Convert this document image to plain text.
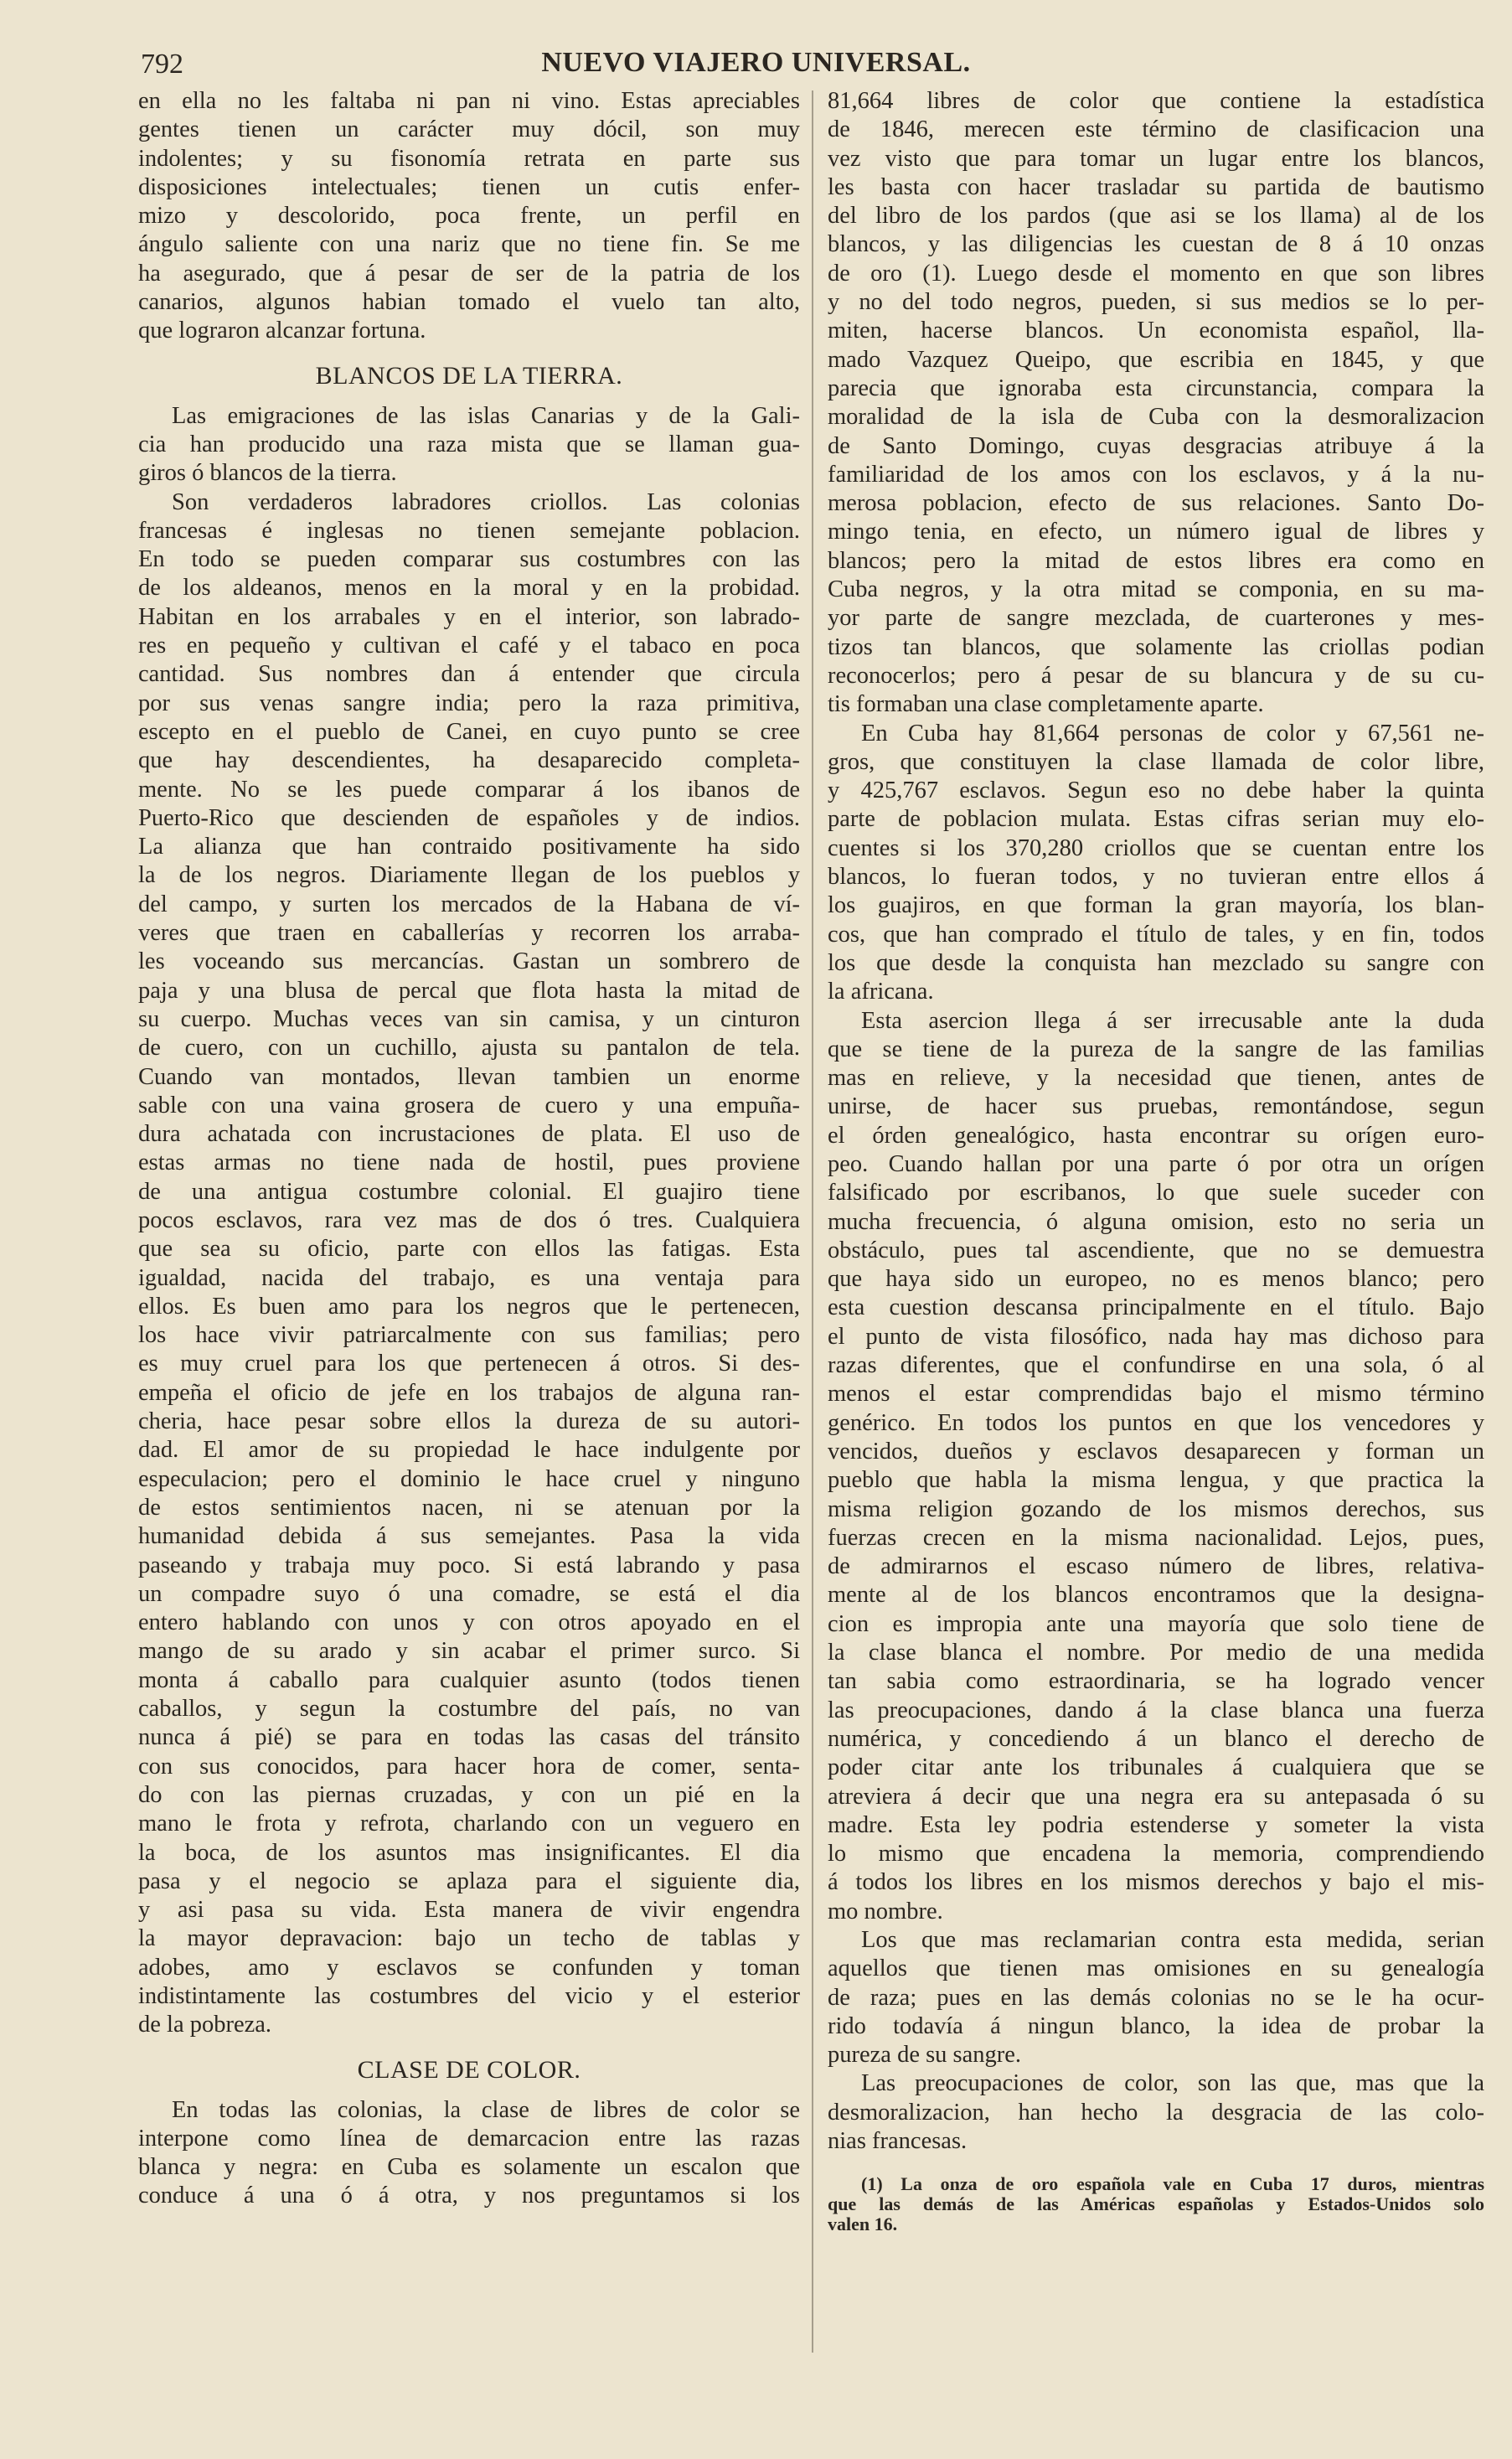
792	NUEVO VIAJERO UNIVERSAL.
en ella no les faltaba ni pan ni vino. Estas apreciables
gentes tienen un carácter muy dócil, son muy
indolentes; y su fisonomía retrata en parte sus
disposiciones intelectuales; tienen un cutis enfer-
mizo y descolorido, poca frente, un perfil en
ángulo saliente con una nariz que no tiene fin. Se me
ha asegurado, que á pesar de ser de la patria de los
canarios, algunos habian tomado el vuelo tan alto,
que lograron alcanzar fortuna.
BLANCOS DE LA TIERRA.
Las emigraciones de las islas Canarias y de la Gali-
cia han producido una raza mista que se llaman gua-
giros ó blancos de la tierra.
Son verdaderos labradores criollos. Las colonias
francesas é inglesas no tienen semejante poblacion.
En todo se pueden comparar sus costumbres con las
de los aldeanos, menos en la moral y en la probidad.
Habitan en los arrabales y en el interior, son labrado-
res en pequeño y cultivan el café y el tabaco en poca
cantidad. Sus nombres dan á entender que circula
por sus venas sangre india; pero la raza primitiva,
escepto en el pueblo de Canei, en cuyo punto se cree
que hay descendientes, ha desaparecido completa-
mente. No se les puede comparar á los ibanos de
Puerto-Rico que descienden de españoles y de indios.
La alianza que han contraido positivamente ha sido
la de los negros. Diariamente llegan de los pueblos y
del campo, y surten los mercados de la Habana de ví-
veres que traen en caballerías y recorren los arraba-
les voceando sus mercancías. Gastan un sombrero de
paja y una blusa de percal que flota hasta la mitad de
su cuerpo. Muchas veces van sin camisa, y un cinturon
de cuero, con un cuchillo, ajusta su pantalon de tela.
Cuando van montados, llevan tambien un enorme
sable con una vaina grosera de cuero y una empuña-
dura achatada con incrustaciones de plata. El uso de
estas armas no tiene nada de hostil, pues proviene
de una antigua costumbre colonial. El guajiro tiene
pocos esclavos, rara vez mas de dos ó tres. Cualquiera
que sea su oficio, parte con ellos las fatigas. Esta
igualdad, nacida del trabajo, es una ventaja para
ellos. Es buen amo para los negros que le pertenecen,
los hace vivir patriarcalmente con sus familias; pero
es muy cruel para los que pertenecen á otros. Si des-
empeña el oficio de jefe en los trabajos de alguna ran-
cheria, hace pesar sobre ellos la dureza de su autori-
dad. El amor de su propiedad le hace indulgente por
especulacion; pero el dominio le hace cruel y ninguno
de estos sentimientos nacen, ni se atenuan por la
humanidad debida á sus semejantes. Pasa la vida
paseando y trabaja muy poco. Si está labrando y pasa
un compadre suyo ó una comadre, se está el dia
entero hablando con unos y con otros apoyado en el
mango de su arado y sin acabar el primer surco. Si
monta á caballo para cualquier asunto (todos tienen
caballos, y segun la costumbre del país, no van
nunca á pié) se para en todas las casas del tránsito
con sus conocidos, para hacer hora de comer, senta-
do con las piernas cruzadas, y con un pié en la
mano le frota y refrota, charlando con un veguero en
la boca, de los asuntos mas insignificantes. El dia
pasa y el negocio se aplaza para el siguiente dia,
y asi pasa su vida. Esta manera de vivir engendra
la mayor depravacion: bajo un techo de tablas y
adobes, amo y esclavos se confunden y toman
indistintamente las costumbres del vicio y el esterior
de la pobreza.
CLASE DE COLOR.
En todas las colonias, la clase de libres de color se
interpone como línea de demarcacion entre las razas
blanca y negra: en Cuba es solamente un escalon que
conduce á una ó á otra, y nos preguntamos si los
81,664 libres de color que contiene la estadística
de 1846, merecen este término de clasificacion una
vez visto que para tomar un lugar entre los blancos,
les basta con hacer trasladar su partida de bautismo
del libro de los pardos (que asi se los llama) al de los
blancos, y las diligencias les cuestan de 8 á 10 onzas
de oro (1). Luego desde el momento en que son libres
y no del todo negros, pueden, si sus medios se lo per-
miten, hacerse blancos. Un economista español, lla-
mado Vazquez Queipo, que escribia en 1845, y que
parecia que ignoraba esta circunstancia, compara la
moralidad de la isla de Cuba con la desmoralizacion
de Santo Domingo, cuyas desgracias atribuye á la
familiaridad de los amos con los esclavos, y á la nu-
merosa poblacion, efecto de sus relaciones. Santo Do-
mingo tenia, en efecto, un número igual de libres y
blancos; pero la mitad de estos libres era como en
Cuba negros, y la otra mitad se componia, en su ma-
yor parte de sangre mezclada, de cuarterones y mes-
tizos tan blancos, que solamente las criollas podian
reconocerlos; pero á pesar de su blancura y de su cu-
tis formaban una clase completamente aparte.
En Cuba hay 81,664 personas de color y 67,561 ne-
gros, que constituyen la clase llamada de color libre,
y 425,767 esclavos. Segun eso no debe haber la quinta
parte de poblacion mulata. Estas cifras serian muy elo-
cuentes si los 370,280 criollos que se cuentan entre los
blancos, lo fueran todos, y no tuvieran entre ellos á
los guajiros, en que forman la gran mayoría, los blan-
cos, que han comprado el título de tales, y en fin, todos
los que desde la conquista han mezclado su sangre con
la africana.
Esta asercion llega á ser irrecusable ante la duda
que se tiene de la pureza de la sangre de las familias
mas en relieve, y la necesidad que tienen, antes de
unirse, de hacer sus pruebas, remontándose, segun
el órden genealógico, hasta encontrar su orígen euro-
peo. Cuando hallan por una parte ó por otra un orígen
falsificado por escribanos, lo que suele suceder con
mucha frecuencia, ó alguna omision, esto no seria un
obstáculo, pues tal ascendiente, que no se demuestra
que haya sido un europeo, no es menos blanco; pero
esta cuestion descansa principalmente en el título. Bajo
el punto de vista filosófico, nada hay mas dichoso para
razas diferentes, que el confundirse en una sola, ó al
menos el estar comprendidas bajo el mismo término
genérico. En todos los puntos en que los vencedores y
vencidos, dueños y esclavos desaparecen y forman un
pueblo que habla la misma lengua, y que practica la
misma religion gozando de los mismos derechos, sus
fuerzas crecen en la misma nacionalidad. Lejos, pues,
de admirarnos el escaso número de libres, relativa-
mente al de los blancos encontramos que la designa-
cion es impropia ante una mayoría que solo tiene de
la clase blanca el nombre. Por medio de una medida
tan sabia como estraordinaria, se ha logrado vencer
las preocupaciones, dando á la clase blanca una fuerza
numérica, y concediendo á un blanco el derecho de
poder citar ante los tribunales á cualquiera que se
atreviera á decir que una negra era su antepasada ó su
madre. Esta ley podria estenderse y someter la vista
lo mismo que encadena la memoria, comprendiendo
á todos los libres en los mismos derechos y bajo el mis-
mo nombre.
Los que mas reclamarian contra esta medida, serian
aquellos que tienen mas omisiones en su genealogía
de raza; pues en las demás colonias no se le ha ocur-
rido todavía á ningun blanco, la idea de probar la
pureza de su sangre.
Las preocupaciones de color, son las que, mas que la
desmoralizacion, han hecho la desgracia de las colo-
nias francesas.
(1) La onza de oro española vale en Cuba 17 duros, mientras
que las demás de las Américas españolas y Estados-Unidos solo
valen 16.
